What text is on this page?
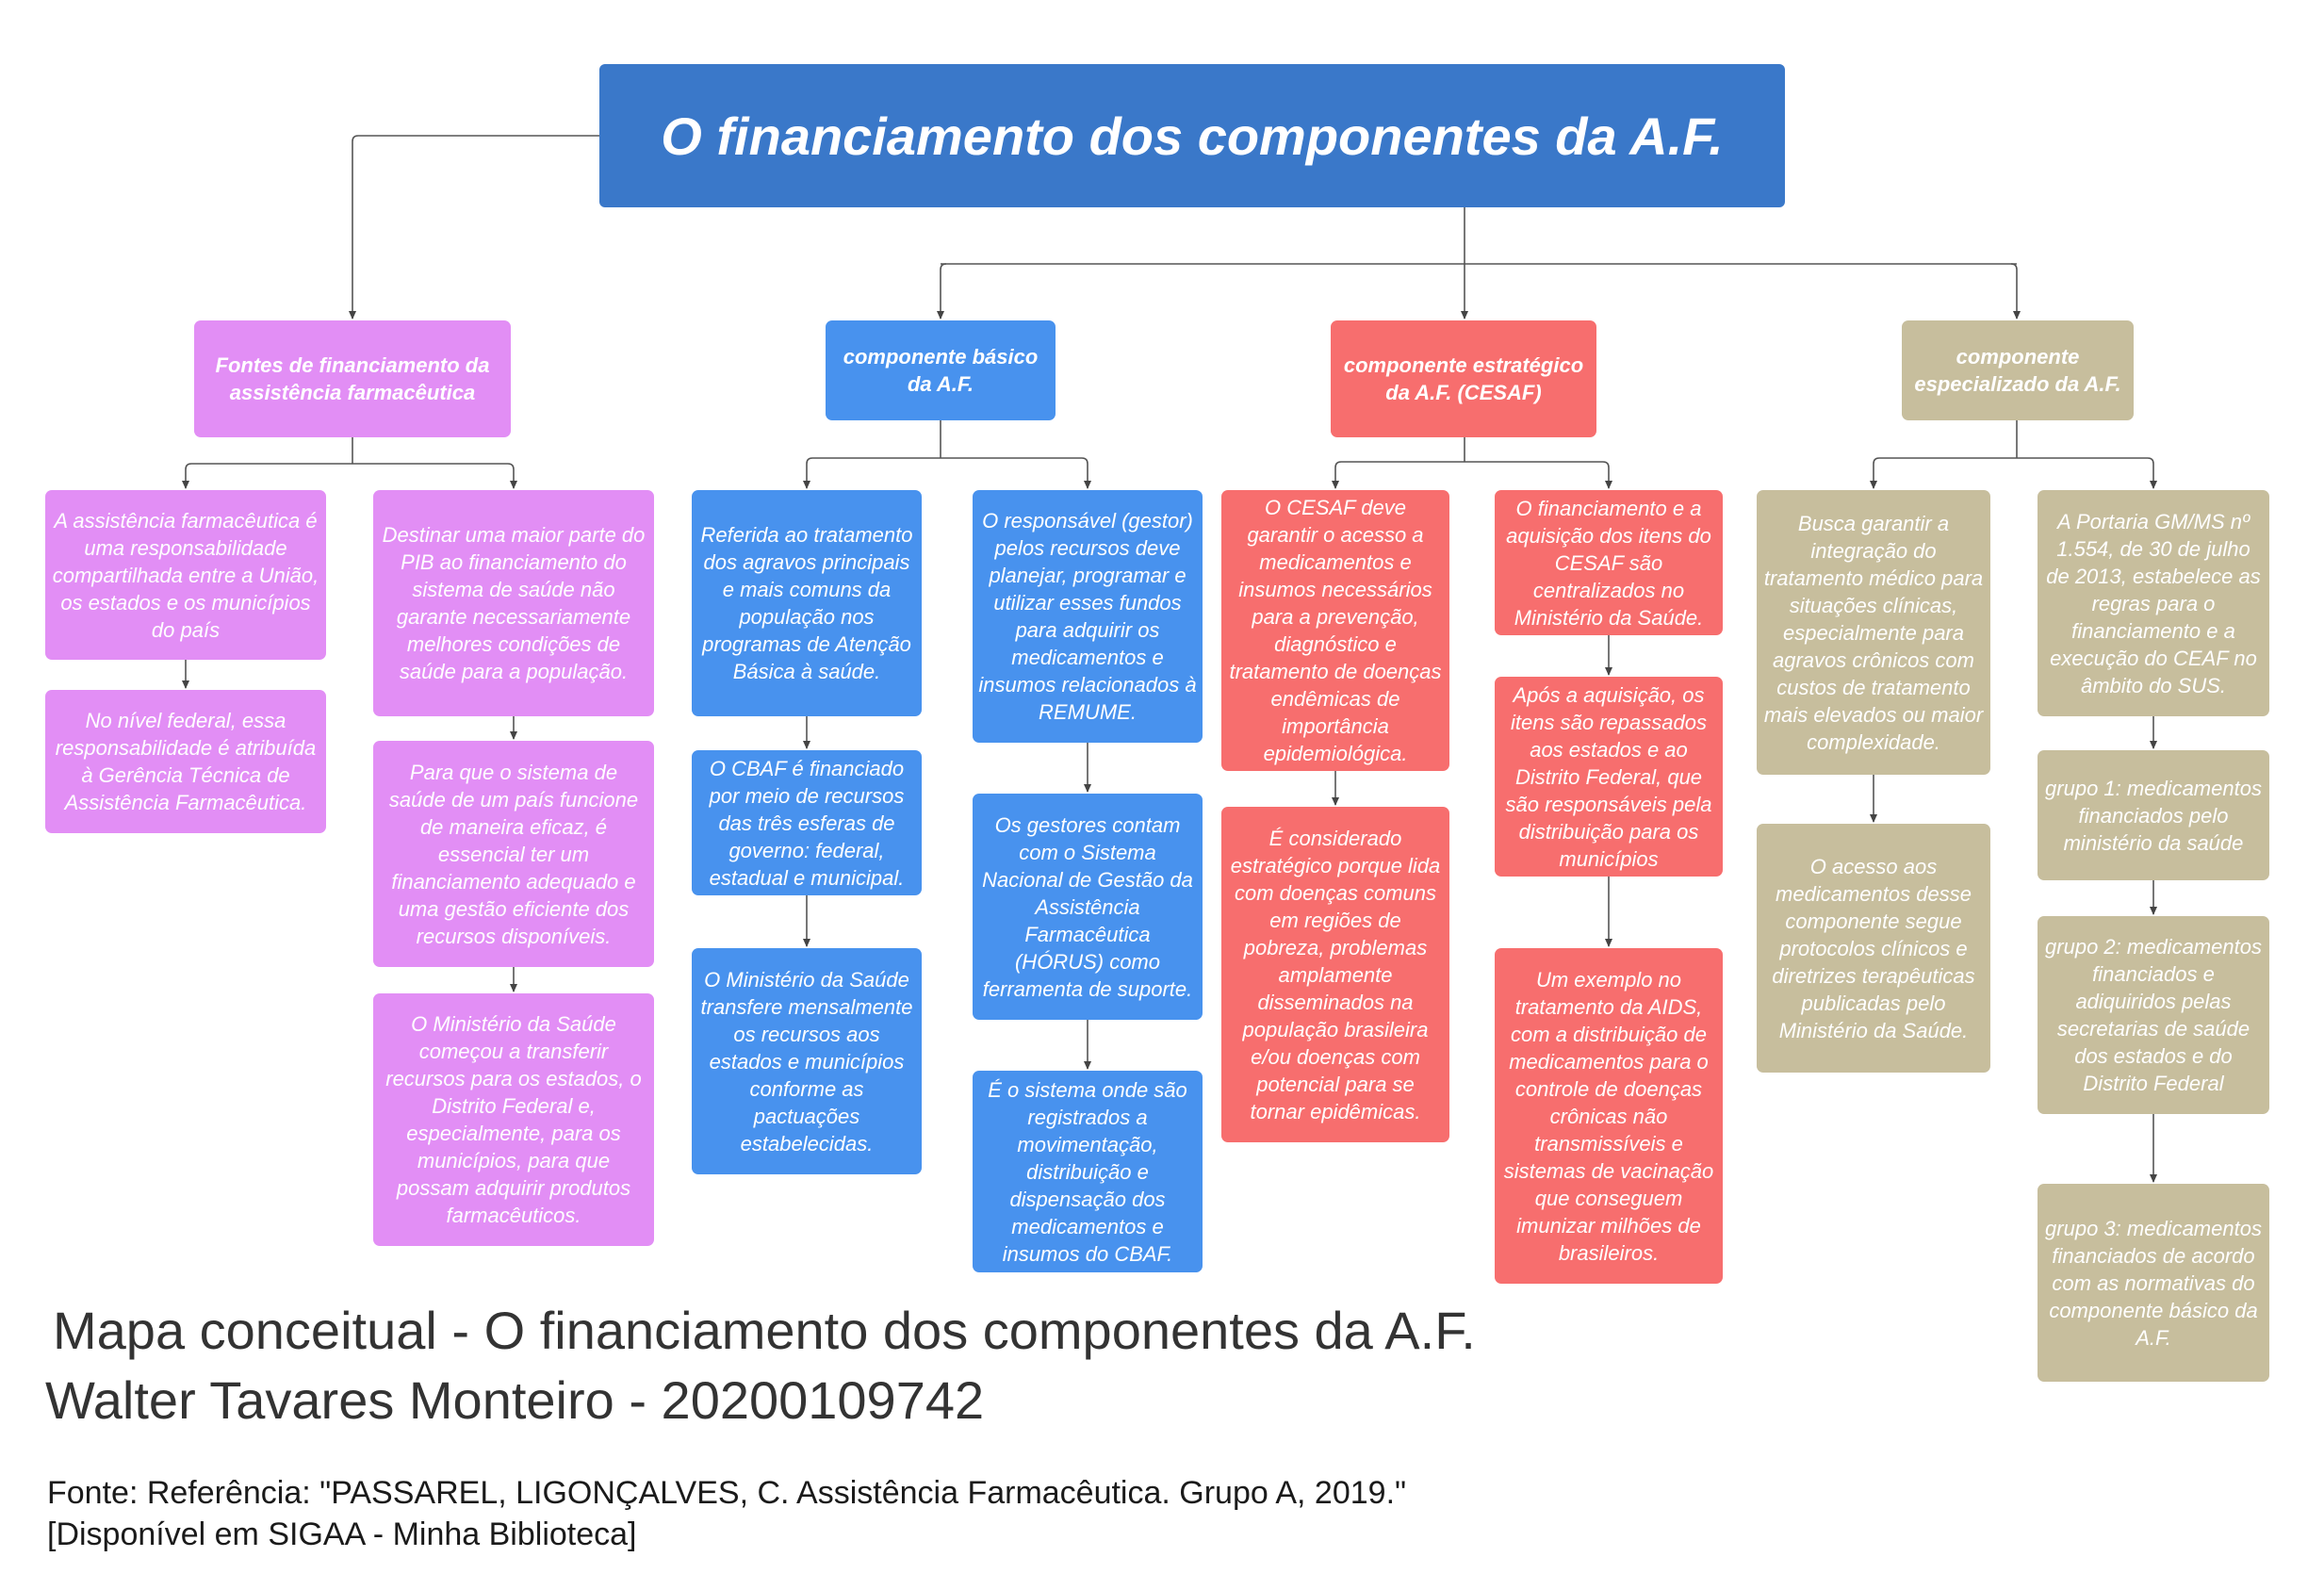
O financiamento dos componentes da A.F.
Fontes de financiamento da assistência farmacêutica
A assistência farmacêutica é uma responsabilidade compartilhada entre a União, os estados e os municípios do país
No nível federal, essa responsabilidade é atribuída à Gerência Técnica de Assistência Farmacêutica.
Destinar uma maior parte do PIB ao financiamento do sistema de saúde não garante necessariamente melhores condições de saúde para a população.
Para que o sistema de saúde de um país funcione de maneira eficaz, é essencial ter um financiamento adequado e uma gestão eficiente dos recursos disponíveis.
O Ministério da Saúde começou a transferir recursos para os estados, o Distrito Federal e, especialmente, para os municípios, para que possam adquirir produtos farmacêuticos.
componente básico da A.F.
Referida ao tratamento dos agravos principais e mais comuns da população nos programas de Atenção Básica à saúde.
O CBAF é financiado por meio de recursos das três esferas de governo: federal, estadual e municipal.
O Ministério da Saúde transfere mensalmente os recursos aos estados e municípios conforme as pactuações estabelecidas.
O responsável (gestor) pelos recursos deve planejar, programar e utilizar esses fundos para adquirir os medicamentos e insumos relacionados à REMUME.
Os gestores contam com o Sistema Nacional de Gestão da Assistência Farmacêutica (HÓRUS) como ferramenta de suporte.
É o sistema onde são registrados a movimentação, distribuição e dispensação dos medicamentos e insumos do CBAF.
componente estratégico da A.F. (CESAF)
O CESAF deve garantir o acesso a medicamentos e insumos necessários para a prevenção, diagnóstico e tratamento de doenças endêmicas de importância epidemiológica.
É considerado estratégico porque lida com doenças comuns em regiões de pobreza, problemas amplamente disseminados na população brasileira e/ou doenças com potencial para se tornar epidêmicas.
O financiamento e a aquisição dos itens do CESAF são centralizados no Ministério da Saúde.
Após a aquisição, os itens são repassados aos estados e ao Distrito Federal, que são responsáveis pela distribuição para os municípios
Um exemplo no tratamento da AIDS, com a distribuição de medicamentos para o controle de doenças crônicas não transmissíveis e sistemas de vacinação que conseguem imunizar milhões de brasileiros.
componente especializado da A.F.
Busca garantir a integração do tratamento médico para situações clínicas, especialmente para agravos crônicos com custos de tratamento mais elevados ou maior complexidade.
O acesso aos medicamentos desse componente segue protocolos clínicos e diretrizes terapêuticas publicadas pelo Ministério da Saúde.
A Portaria GM/MS nº 1.554, de 30 de julho de 2013, estabelece as regras para o financiamento e a execução do CEAF no âmbito do SUS.
grupo 1: medicamentos financiados pelo ministério da saúde
grupo 2: medicamentos financiados e adiquiridos pelas secretarias de saúde dos estados e do Distrito Federal
grupo 3: medicamentos financiados de acordo com as normativas do componente básico da A.F.
Mapa conceitual - O financiamento dos componentes da A.F.
Walter Tavares Monteiro - 20200109742
Fonte: Referência: "PASSAREL, LIGONÇALVES, C. Assistência Farmacêutica. Grupo A, 2019."
[Disponível em SIGAA - Minha Biblioteca]
